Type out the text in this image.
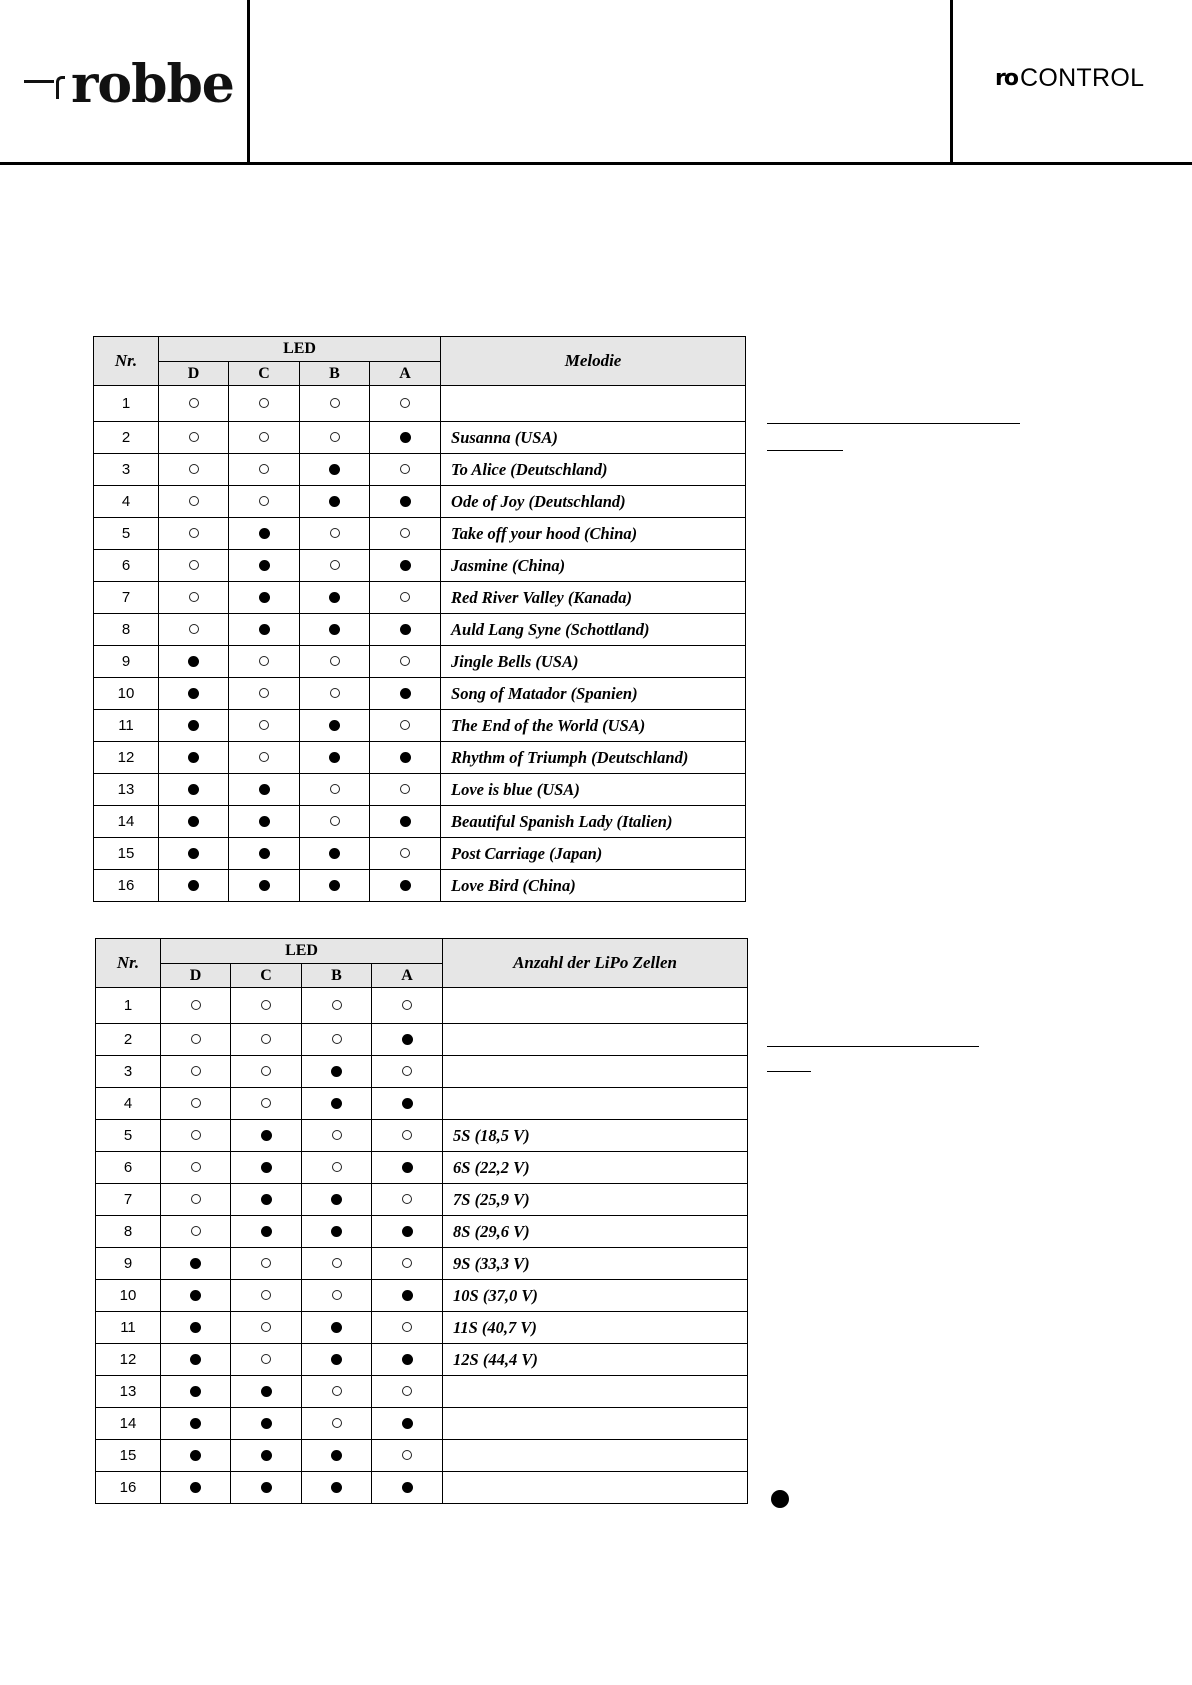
robbe	ro CONTROL
Nr.	LED				Melodie
	D	C	B	A	
1					
2					Susanna (USA)
3					To Alice (Deutschland)
4					Ode of Joy (Deutschland)
5					Take off your hood (China)
6					Jasmine (China)
7					Red River Valley (Kanada)
8					Auld Lang Syne (Schottland)
9					Jingle Bells (USA)
10					Song of Matador (Spanien)
11					The End of the World (USA)
12					Rhythm of Triumph (Deutschland)
13					Love is blue (USA)
14					Beautiful Spanish Lady (Italien)
15					Post Carriage (Japan)
16					Love Bird (China)
Nr.	LED				Anzahl der LiPo Zellen
	D	C	B	A	
1					
2					
3					
4					
5					5S (18,5 V)
6					6S (22,2 V)
7					7S (25,9 V)
8					8S (29,6 V)
9					9S (33,3 V)
10					10S (37,0 V)
11					11S (40,7 V)
12					12S (44,4 V)
13					
14					
15					
16					
